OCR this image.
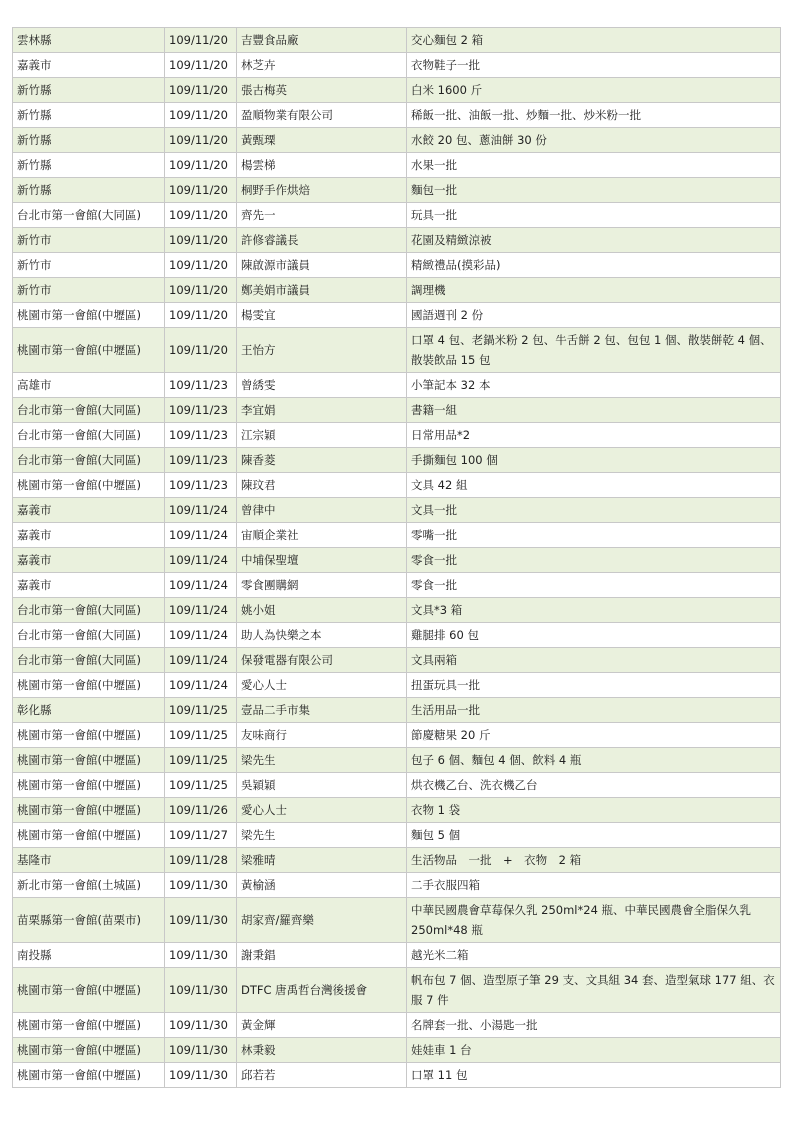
雲林縣	109/11/20	吉豐食品廠	交心麵包 2 箱
嘉義市	109/11/20	林芝卉	衣物鞋子一批
新竹縣	109/11/20	張古梅英	白米 1600 斤
新竹縣	109/11/20	盈順物業有限公司	稀飯一批、油飯一批、炒麵一批、炒米粉一批
新竹縣	109/11/20	黃甄瑮	水餃 20 包、蔥油餅 30 份
新竹縣	109/11/20	楊雲梯	水果一批
新竹縣	109/11/20	桐野手作烘焙	麵包一批
台北市第一會館(大同區)	109/11/20	齊先一	玩具一批
新竹市	109/11/20	許修睿議長	花園及精緻涼被
新竹市	109/11/20	陳啟源市議員	精緻禮品(摸彩品)
新竹市	109/11/20	鄭美娟市議員	調理機
桃園市第一會館(中壢區)	109/11/20	楊雯宜	國語週刊 2 份
桃園市第一會館(中壢區)	109/11/20	王怡方	口罩 4 包、老鍋米粉 2 包、牛舌餅 2 包、包包 1 個、散裝餅乾 4 個、散裝飲品 15 包
高雄市	109/11/23	曾綉雯	小筆記本 32 本
台北市第一會館(大同區)	109/11/23	李宜娟	書籍一組
台北市第一會館(大同區)	109/11/23	江宗穎	日常用品*2
台北市第一會館(大同區)	109/11/23	陳香菱	手撕麵包 100 個
桃園市第一會館(中壢區)	109/11/23	陳玟君	文具 42 組
嘉義市	109/11/24	曾律中	文具一批
嘉義市	109/11/24	宙順企業社	零嘴一批
嘉義市	109/11/24	中埔保聖壇	零食一批
嘉義市	109/11/24	零食團購網	零食一批
台北市第一會館(大同區)	109/11/24	姚小姐	文具*3 箱
台北市第一會館(大同區)	109/11/24	助人為快樂之本	雞腿排 60 包
台北市第一會館(大同區)	109/11/24	保發電器有限公司	文具兩箱
桃園市第一會館(中壢區)	109/11/24	愛心人士	扭蛋玩具一批
彰化縣	109/11/25	壹品二手市集	生活用品一批
桃園市第一會館(中壢區)	109/11/25	友味商行	節慶糖果 20 斤
桃園市第一會館(中壢區)	109/11/25	梁先生	包子 6 個、麵包 4 個、飲料 4 瓶
桃園市第一會館(中壢區)	109/11/25	吳穎穎	烘衣機乙台、洗衣機乙台
桃園市第一會館(中壢區)	109/11/26	愛心人士	衣物 1 袋
桃園市第一會館(中壢區)	109/11/27	梁先生	麵包 5 個
基隆市	109/11/28	梁雅晴	生活物品　一批　+　衣物　2 箱
新北市第一會館(土城區)	109/11/30	黃榆涵	二手衣服四箱
苗栗縣第一會館(苗栗市)	109/11/30	胡家齊/羅齊樂	中華民國農會草莓保久乳 250ml*24 瓶、中華民國農會全脂保久乳 250ml*48 瓶
南投縣	109/11/30	謝秉錩	越光米二箱
桃園市第一會館(中壢區)	109/11/30	DTFC 唐禹哲台灣後援會	帆布包 7 個、造型原子筆 29 支、文具組 34 套、造型氣球 177 組、衣服 7 件
桃園市第一會館(中壢區)	109/11/30	黃金輝	名牌套一批、小湯匙一批
桃園市第一會館(中壢區)	109/11/30	林秉毅	娃娃車 1 台
桃園市第一會館(中壢區)	109/11/30	邱若若	口罩 11 包
